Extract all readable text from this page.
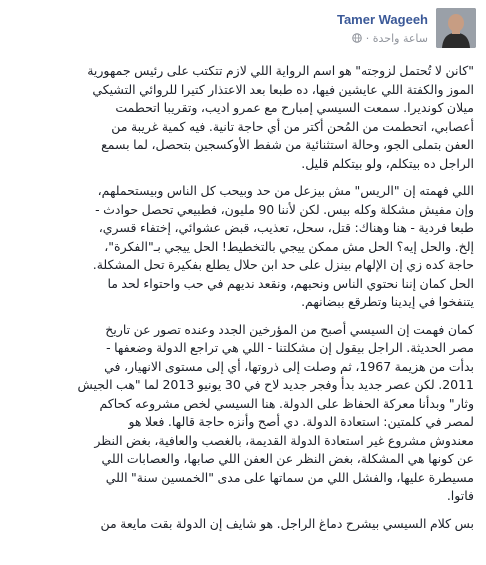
Tamer Wageeh
ساعة واحدة ·

"كانن لا تُحتمل لزوجته" هو اسم الرواية اللي لازم تتكتب على رئيس جمهورية
الموز والكفتة اللي عايشين فيها، ده طبعا بعد الاعتذار كتيرا للروائي التشيكي
ميلان كونديرا. سمعت السيسي إمبارح مع عمرو اديب، وتقريبا اتحطمت
أعصابي، اتحطمت من المُحن أكتر من أي حاجة تانية. فيه كمية غريبة من
العفن بتملى الجو، وحالة استثنائية من شفط الأوكسجين بتحصل، لما بسمع
الراجل ده بيتكلم، ولو بيتكلم قليل.

اللي فهمته إن "الريس" مش بيزعل من حد وبيحب كل الناس وبيستحملهم،
وإن مفيش مشكلة وكله بيس. لكن لأننا 90 مليون، فطبيعي تحصل حوادث -
طبعا فردية - هنا وهناك: قتل، سحل، تعذيب، قبض عشوائي، إختفاء قسري،
إلخ. والحل إيه؟ الحل مش ممكن ييجي بالتخطيط! الحل ييجي بـ"الفكرة"،
حاجة كده زي إن الإلهام بينزل على حد ابن حلال يطلع بفكيرة تحل المشكلة.
الحل كمان إننا نحتوي الناس ونحبهم، ونقعد نديهم في حب واحتواء لحد ما
يتنفخوا في إيدينا وتطرقع ببضانهم.

كمان فهمت إن السيسي أصبح من المؤرخين الجدد وعنده تصور عن تاريخ
مصر الحديثة. الراجل بيقول إن مشكلتنا - اللي هي تراجع الدولة وضعفها -
بدأت من هزيمة 1967، ثم وصلت إلى ذروتها، أي إلى مستوى الانهيار، في
2011. لكن عصر جديد بدأ وفجر جديد لاح في 30 يونيو 2013 لما "هب الجيش
وثار" وبدأنا معركة الحفاظ على الدولة. هنا السيسي لخص مشروعه كحاكم
لمصر في كلمتين: استعادة الدولة. دي أصح وأنزه حاجة قالها. فعلا هو
معندوش مشروع غير استعادة الدولة القديمة، بالغصب والعافية، بغض النظر
عن كونها هي المشكلة، بغض النظر عن العفن اللي صابها، والعصابات اللي
مسيطرة عليها، والفشل اللي من سماتها على مدى "الخمسين سنة" اللي
فاتوا.

بس كلام السيسي بيشرح دماغ الراجل. هو شايف إن الدولة بقت مايعة من
